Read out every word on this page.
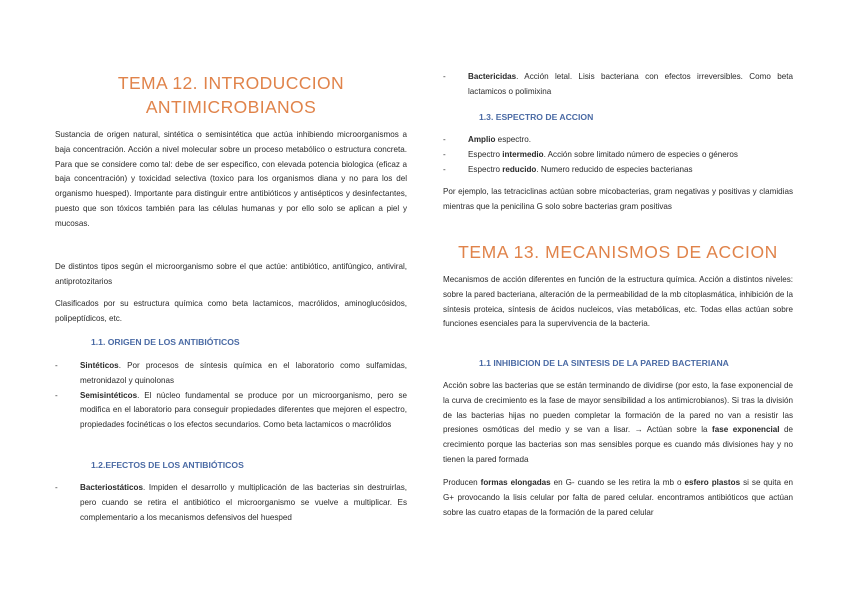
TEMA 12. INTRODUCCION
ANTIMICROBIANOS

Sustancia de origen natural, sintética o semisintética que actúa inhibiendo microorganismos a baja concentración. Acción a nivel molecular sobre un proceso metabólico o estructura concreta. Para que se considere como tal: debe de ser especifico, con elevada potencia biologica (eficaz a baja concentración) y toxicidad selectiva (toxico para los organismos diana y no para los del organismo huesped). Importante para distinguir entre antibióticos y antisépticos y desinfectantes, puesto que son tóxicos también para las células humanas y por ello solo se aplican a piel y mucosas.

De distintos tipos según el microorganismo sobre el que actúe: antibiótico, antifúngico, antiviral, antiprotozitarios

Clasificados por su estructura química como beta lactamicos, macrólidos, aminoglucósidos, polipeptídicos, etc.

1.1. ORIGEN DE LOS ANTIBIÓTICOS
-	Sintéticos. Por procesos de síntesis química en el laboratorio como sulfamidas, metronidazol y quinolonas
-	Semisintéticos. El núcleo fundamental se produce por un microorganismo, pero se modifica en el laboratorio para conseguir propiedades diferentes que mejoren el espectro, propiedades focinéticas o los efectos secundarios. Como beta lactamicos o macrólidos
1.2.EFECTOS DE LOS ANTIBIÓTICOS
-	Bacteriostáticos. Impiden el desarrollo y multiplicación de las bacterias sin destruirlas, pero cuando se retira el antibiótico el microorganismo se vuelve a multiplicar. Es complementario a los mecanismos defensivos del huesped
-	Bactericidas. Acción letal. Lisis bacteriana con efectos irreversibles. Como beta lactamicos o polimixina
1.3. ESPECTRO DE ACCION
-	Amplio espectro.
-	Espectro intermedio. Acción sobre limitado número de especies o géneros
-	Espectro reducido. Numero reducido de especies bacterianas

Por ejemplo, las tetraciclinas actúan sobre micobacterias, gram negativas y positivas y clamidias mientras que la penicilina G solo sobre bacterias gram positivas

TEMA 13. MECANISMOS DE ACCION

Mecanismos de acción diferentes en función de la estructura química. Acción a distintos niveles: sobre la pared bacteriana, alteración de la permeabilidad de la mb citoplasmática, inhibición de la síntesis proteica, síntesis de ácidos nucleicos, vías metabólicas, etc. Todas ellas actúan sobre funciones esenciales para la supervivencia de la bacteria.

1.1 INHIBICION DE LA SINTESIS DE LA PARED BACTERIANA

Acción sobre las bacterias que se están terminando de dividirse (por esto, la fase exponencial de la curva de crecimiento es la fase de mayor sensibilidad a los antimicrobianos). Si tras la división de las bacterias hijas no pueden completar la formación de la pared no van a resistir las presiones osmóticas del medio y se van a lisar. → Actúan sobre la fase exponencial de crecimiento porque las bacterias son mas sensibles porque es cuando más divisiones hay y no tienen la pared formada

Producen formas elongadas en G- cuando se les retira la mb o esfero plastos si se quita en G+ provocando la lisis celular por falta de pared celular. encontramos antibióticos que actúan sobre las cuatro etapas de la formación de la pared celular
